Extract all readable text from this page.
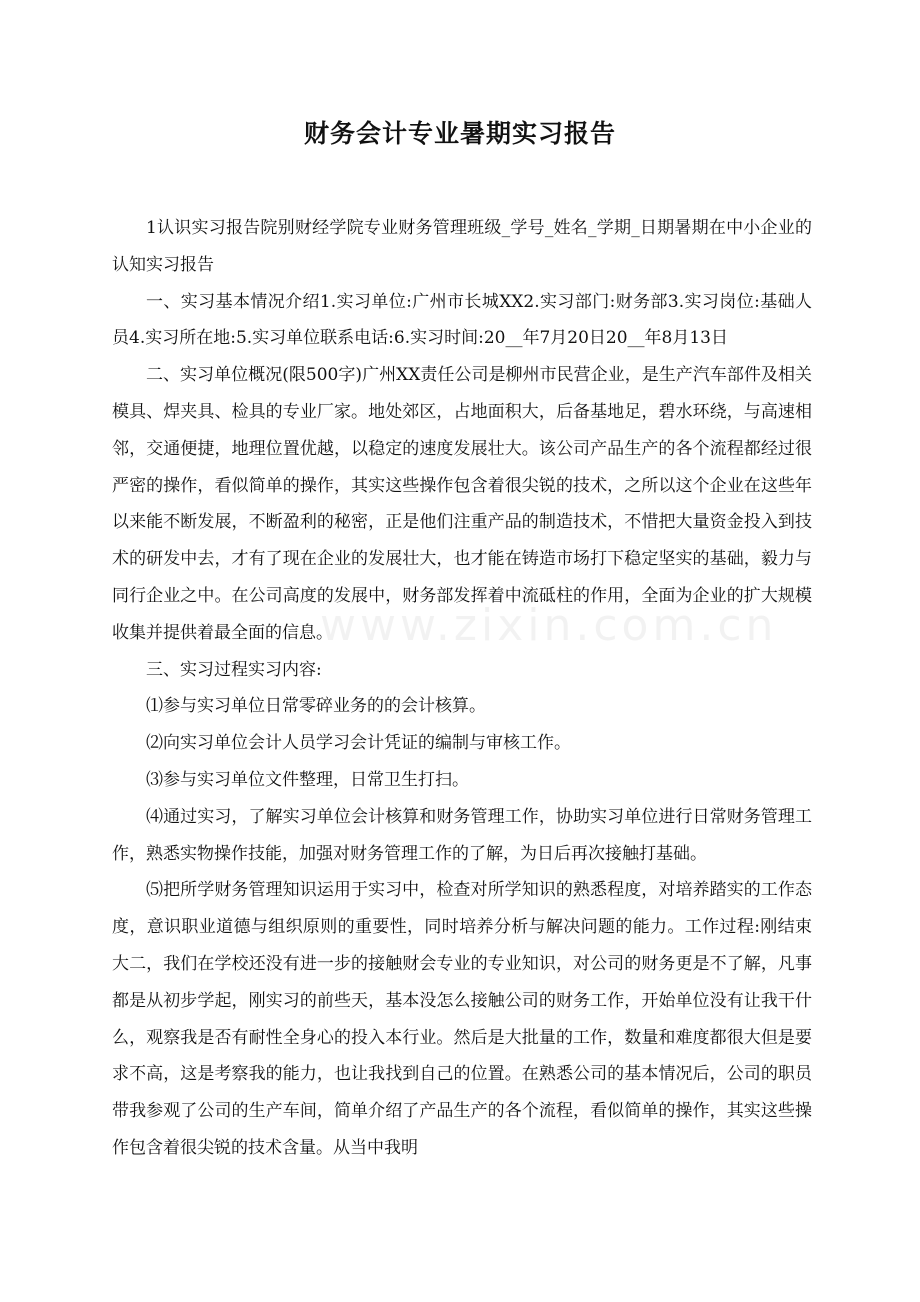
财务会计专业暑期实习报告
www.zixin.com.cn

1认识实习报告院别财经学院专业财务管理班级_学号_姓名_学期_日期暑期在中小企业的认知实习报告

一、实习基本情况介绍1.实习单位:广州市长城XX2.实习部门:财务部3.实习岗位:基础人员4.实习所在地:5.实习单位联系电话:6.实习时间:20__年7月20日20__年8月13日

二、实习单位概况(限500字)广州XX责任公司是柳州市民营企业，是生产汽车部件及相关模具、焊夹具、检具的专业厂家。地处郊区，占地面积大，后备基地足，碧水环绕，与高速相邻，交通便捷，地理位置优越，以稳定的速度发展壮大。该公司产品生产的各个流程都经过很严密的操作，看似简单的操作，其实这些操作包含着很尖锐的技术，之所以这个企业在这些年以来能不断发展，不断盈利的秘密，正是他们注重产品的制造技术，不惜把大量资金投入到技术的研发中去，才有了现在企业的发展壮大，也才能在铸造市场打下稳定坚实的基础，毅力与同行企业之中。在公司高度的发展中，财务部发挥着中流砥柱的作用，全面为企业的扩大规模收集并提供着最全面的信息。

三、实习过程实习内容:

⑴参与实习单位日常零碎业务的的会计核算。

⑵向实习单位会计人员学习会计凭证的编制与审核工作。

⑶参与实习单位文件整理，日常卫生打扫。

⑷通过实习，了解实习单位会计核算和财务管理工作，协助实习单位进行日常财务管理工作，熟悉实物操作技能，加强对财务管理工作的了解，为日后再次接触打基础。

⑸把所学财务管理知识运用于实习中，检查对所学知识的熟悉程度，对培养踏实的工作态度，意识职业道德与组织原则的重要性，同时培养分析与解决问题的能力。工作过程:刚结束大二，我们在学校还没有进一步的接触财会专业的专业知识，对公司的财务更是不了解，凡事都是从初步学起，刚实习的前些天，基本没怎么接触公司的财务工作，开始单位没有让我干什么，观察我是否有耐性全身心的投入本行业。然后是大批量的工作，数量和难度都很大但是要求不高，这是考察我的能力，也让我找到自己的位置。在熟悉公司的基本情况后，公司的职员带我参观了公司的生产车间，简单介绍了产品生产的各个流程，看似简单的操作，其实这些操作包含着很尖锐的技术含量。从当中我明
